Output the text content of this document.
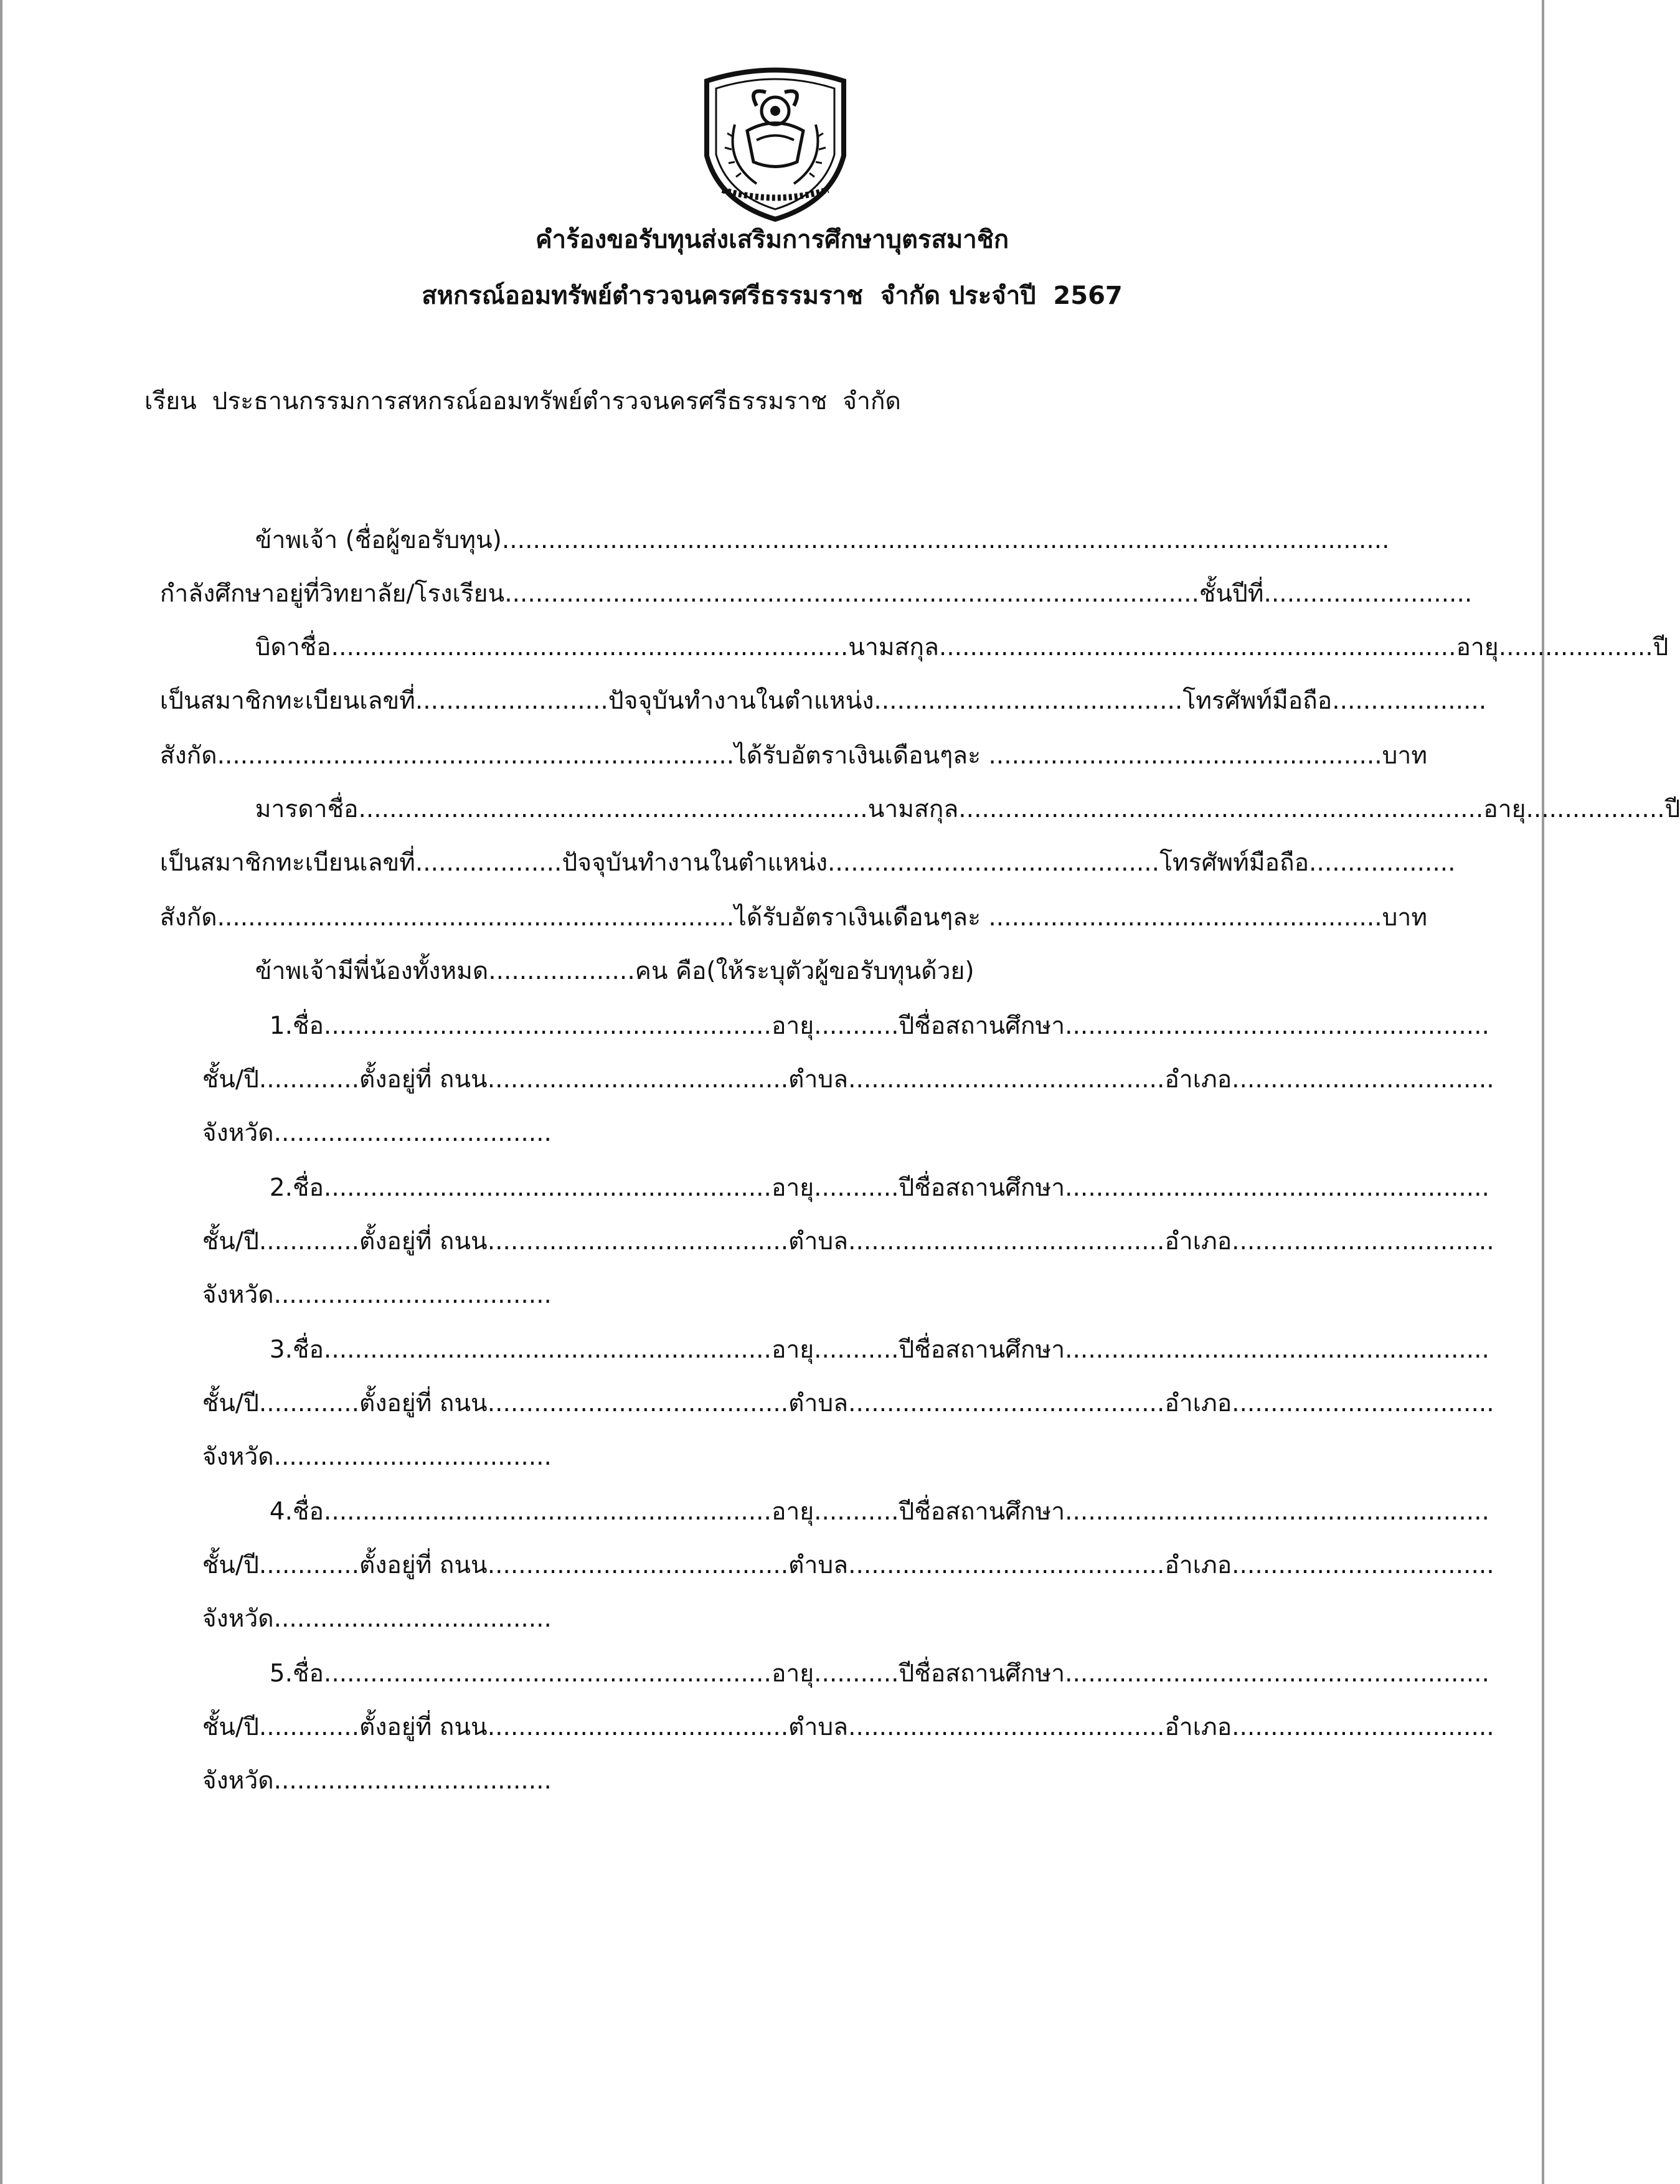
คำร้องขอรับทุนส่งเสริมการศึกษาบุตรสมาชิก
สหกรณ์ออมทรัพย์ตำรวจนครศรีธรรมราช  จำกัด ประจำปี  2567
เรียน  ประธานกรรมการสหกรณ์ออมทรัพย์ตำรวจนครศรีธรรมราช  จำกัด

ข้าพเจ้า (ชื่อผู้ขอรับทุน)...................................................................................................................

กำลังศึกษาอยู่ที่วิทยาลัย/โรงเรียน..........................................................................................ชั้นปีที่...........................

บิดาชื่อ...................................................................นามสกุล...................................................................อายุ....................ปี

เป็นสมาชิกทะเบียนเลขที่.........................ปัจจุบันทำงานในตำแหน่ง........................................โทรศัพท์มือถือ....................

สังกัด...................................................................ได้รับอัตราเงินเดือนๆละ ...................................................บาท

มารดาชื่อ..................................................................นามสกุล....................................................................อายุ..................ปี

เป็นสมาชิกทะเบียนเลขที่...................ปัจจุบันทำงานในตำแหน่ง...........................................โทรศัพท์มือถือ...................

สังกัด...................................................................ได้รับอัตราเงินเดือนๆละ ...................................................บาท

ข้าพเจ้ามีพี่น้องทั้งหมด...................คน คือ(ให้ระบุตัวผู้ขอรับทุนด้วย)

1.ชื่อ..........................................................อายุ...........ปีชื่อสถานศึกษา.......................................................

ชั้น/ปี.............ตั้งอยู่ที่ ถนน.......................................ตำบล.........................................อำเภอ..................................

จังหวัด....................................

2.ชื่อ..........................................................อายุ...........ปีชื่อสถานศึกษา.......................................................

ชั้น/ปี.............ตั้งอยู่ที่ ถนน.......................................ตำบล.........................................อำเภอ..................................

จังหวัด....................................

3.ชื่อ..........................................................อายุ...........ปีชื่อสถานศึกษา.......................................................

ชั้น/ปี.............ตั้งอยู่ที่ ถนน.......................................ตำบล.........................................อำเภอ..................................

จังหวัด....................................

4.ชื่อ..........................................................อายุ...........ปีชื่อสถานศึกษา.......................................................

ชั้น/ปี.............ตั้งอยู่ที่ ถนน.......................................ตำบล.........................................อำเภอ..................................

จังหวัด....................................

5.ชื่อ..........................................................อายุ...........ปีชื่อสถานศึกษา.......................................................

ชั้น/ปี.............ตั้งอยู่ที่ ถนน.......................................ตำบล.........................................อำเภอ..................................

จังหวัด....................................
